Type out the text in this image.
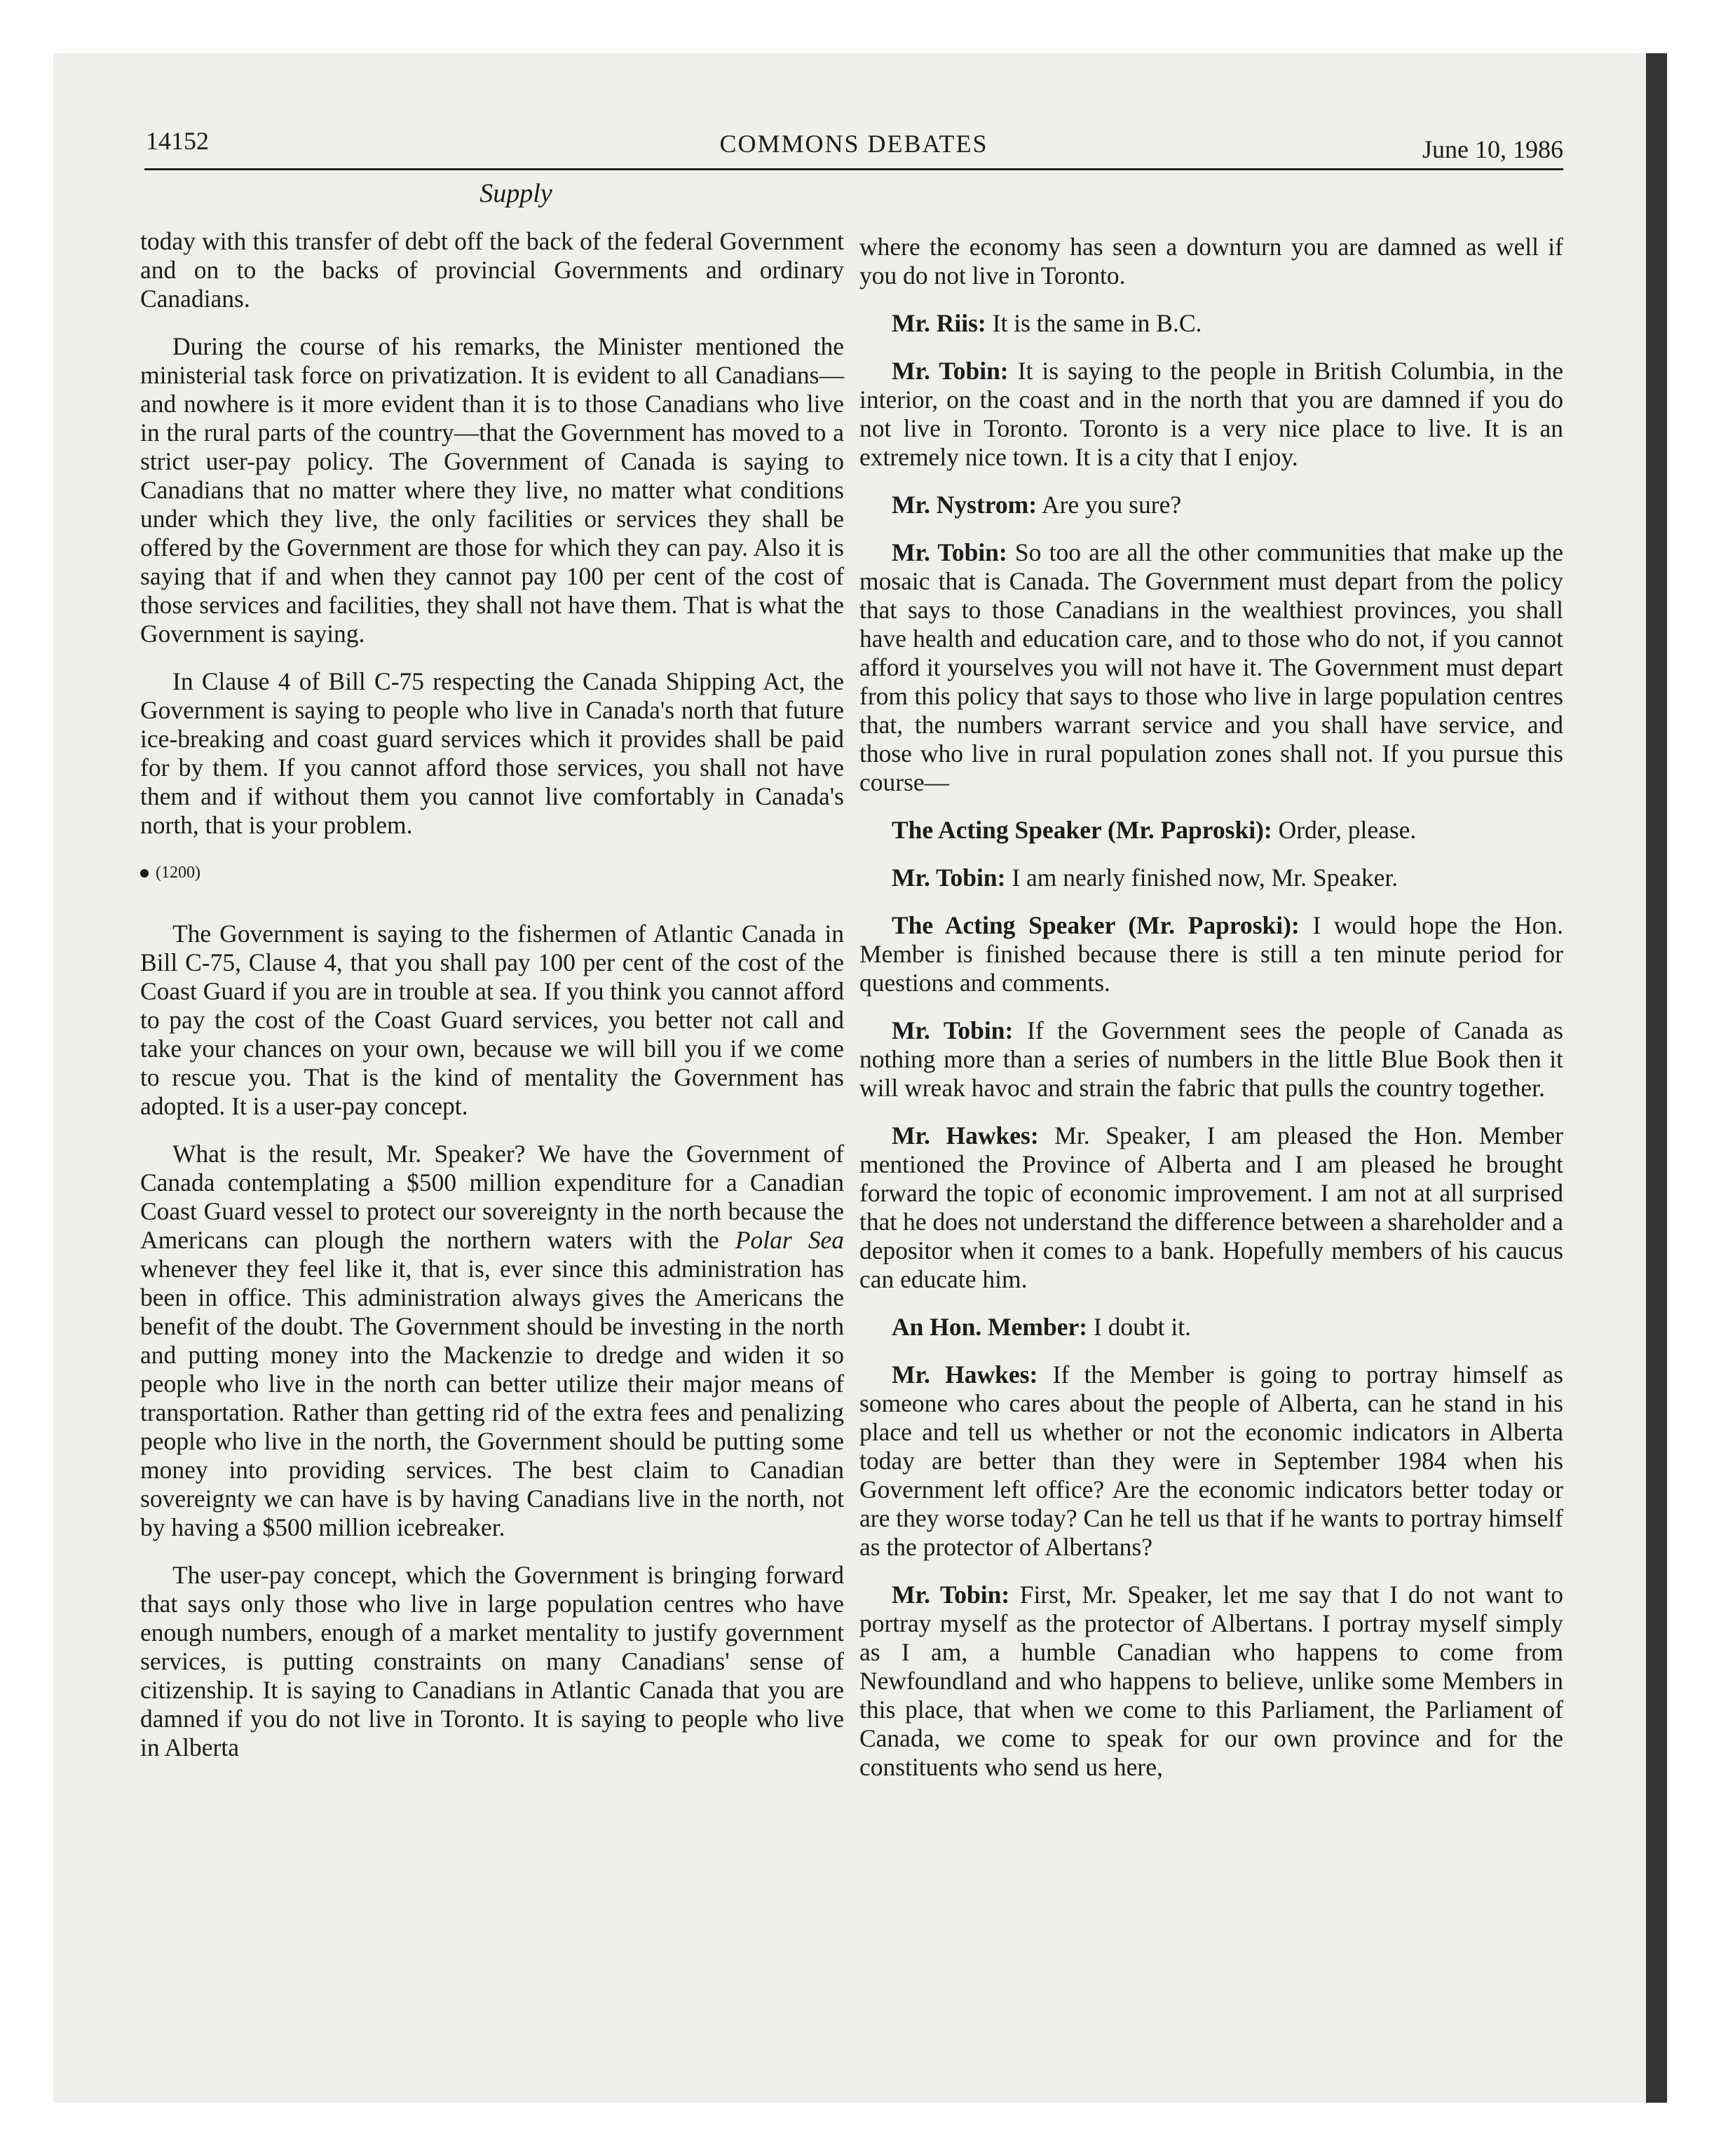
14152	COMMONS DEBATES	June 10, 1986
Supply

today with this transfer of debt off the back of the federal Government and on to the backs of provincial Governments and ordinary Canadians.

During the course of his remarks, the Minister mentioned the ministerial task force on privatization. It is evident to all Canadians—and nowhere is it more evident than it is to those Canadians who live in the rural parts of the country—that the Government has moved to a strict user-pay policy. The Government of Canada is saying to Canadians that no matter where they live, no matter what conditions under which they live, the only facilities or services they shall be offered by the Government are those for which they can pay. Also it is saying that if and when they cannot pay 100 per cent of the cost of those services and facilities, they shall not have them. That is what the Government is saying.

In Clause 4 of Bill C-75 respecting the Canada Shipping Act, the Government is saying to people who live in Canada's north that future ice-breaking and coast guard services which it provides shall be paid for by them. If you cannot afford those services, you shall not have them and if without them you cannot live comfortably in Canada's north, that is your problem.

(1200)

The Government is saying to the fishermen of Atlantic Canada in Bill C-75, Clause 4, that you shall pay 100 per cent of the cost of the Coast Guard if you are in trouble at sea. If you think you cannot afford to pay the cost of the Coast Guard services, you better not call and take your chances on your own, because we will bill you if we come to rescue you. That is the kind of mentality the Government has adopted. It is a user-pay concept.

What is the result, Mr. Speaker? We have the Government of Canada contemplating a $500 million expenditure for a Canadian Coast Guard vessel to protect our sovereignty in the north because the Americans can plough the northern waters with the Polar Sea whenever they feel like it, that is, ever since this administration has been in office. This administration always gives the Americans the benefit of the doubt. The Government should be investing in the north and putting money into the Mackenzie to dredge and widen it so people who live in the north can better utilize their major means of transportation. Rather than getting rid of the extra fees and penalizing people who live in the north, the Government should be putting some money into providing services. The best claim to Canadian sovereignty we can have is by having Canadians live in the north, not by having a $500 million icebreaker.

The user-pay concept, which the Government is bringing forward that says only those who live in large population centres who have enough numbers, enough of a market mentality to justify government services, is putting constraints on many Canadians' sense of citizenship. It is saying to Canadians in Atlantic Canada that you are damned if you do not live in Toronto. It is saying to people who live in Alberta

where the economy has seen a downturn you are damned as well if you do not live in Toronto.

Mr. Riis: It is the same in B.C.

Mr. Tobin: It is saying to the people in British Columbia, in the interior, on the coast and in the north that you are damned if you do not live in Toronto. Toronto is a very nice place to live. It is an extremely nice town. It is a city that I enjoy.

Mr. Nystrom: Are you sure?

Mr. Tobin: So too are all the other communities that make up the mosaic that is Canada. The Government must depart from the policy that says to those Canadians in the wealthiest provinces, you shall have health and education care, and to those who do not, if you cannot afford it yourselves you will not have it. The Government must depart from this policy that says to those who live in large population centres that, the numbers warrant service and you shall have service, and those who live in rural population zones shall not. If you pursue this course—

The Acting Speaker (Mr. Paproski): Order, please.

Mr. Tobin: I am nearly finished now, Mr. Speaker.

The Acting Speaker (Mr. Paproski): I would hope the Hon. Member is finished because there is still a ten minute period for questions and comments.

Mr. Tobin: If the Government sees the people of Canada as nothing more than a series of numbers in the little Blue Book then it will wreak havoc and strain the fabric that pulls the country together.

Mr. Hawkes: Mr. Speaker, I am pleased the Hon. Member mentioned the Province of Alberta and I am pleased he brought forward the topic of economic improvement. I am not at all surprised that he does not understand the difference between a shareholder and a depositor when it comes to a bank. Hopefully members of his caucus can educate him.

An Hon. Member: I doubt it.

Mr. Hawkes: If the Member is going to portray himself as someone who cares about the people of Alberta, can he stand in his place and tell us whether or not the economic indicators in Alberta today are better than they were in September 1984 when his Government left office? Are the economic indicators better today or are they worse today? Can he tell us that if he wants to portray himself as the protector of Albertans?

Mr. Tobin: First, Mr. Speaker, let me say that I do not want to portray myself as the protector of Albertans. I portray myself simply as I am, a humble Canadian who happens to come from Newfoundland and who happens to believe, unlike some Members in this place, that when we come to this Parliament, the Parliament of Canada, we come to speak for our own province and for the constituents who send us here,
